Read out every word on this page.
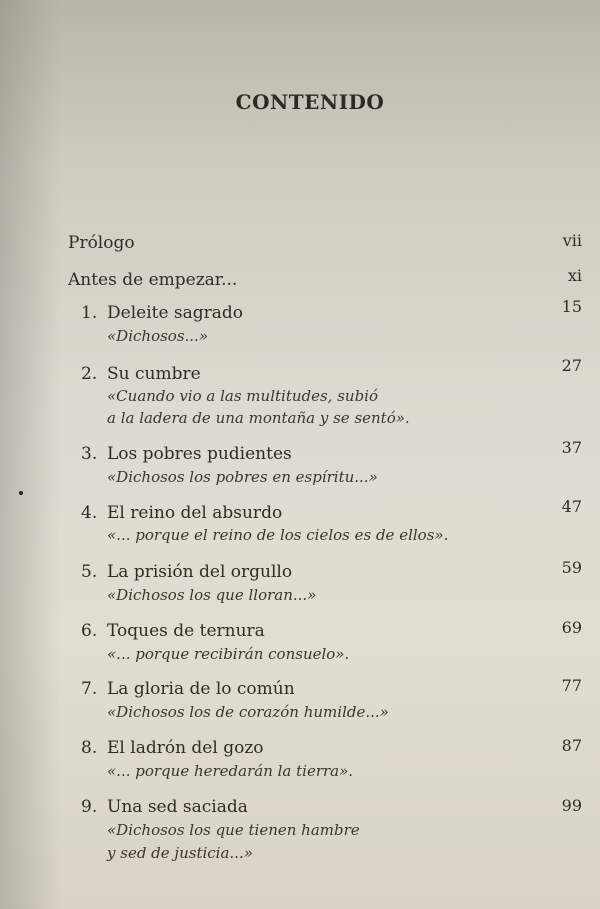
CONTENIDO
Prólogo	vii
Antes de empezar...	xi
1. Deleite sagrado
«Dichosos...»
15
2. Su cumbre
«Cuando vio a las multitudes, subió
a la ladera de una montaña y se sentó».
27
3. Los pobres pudientes
«Dichosos los pobres en espíritu...»
37
4. El reino del absurdo
«... porque el reino de los cielos es de ellos».
47
5. La prisión del orgullo
«Dichosos los que lloran...»
59
6. Toques de ternura
«... porque recibirán consuelo».
69
7. La gloria de lo común
«Dichosos los de corazón humilde...»
77
8. El ladrón del gozo
«... porque heredarán la tierra».
87
9. Una sed saciada
«Dichosos los que tienen hambre
y sed de justicia...»
99
